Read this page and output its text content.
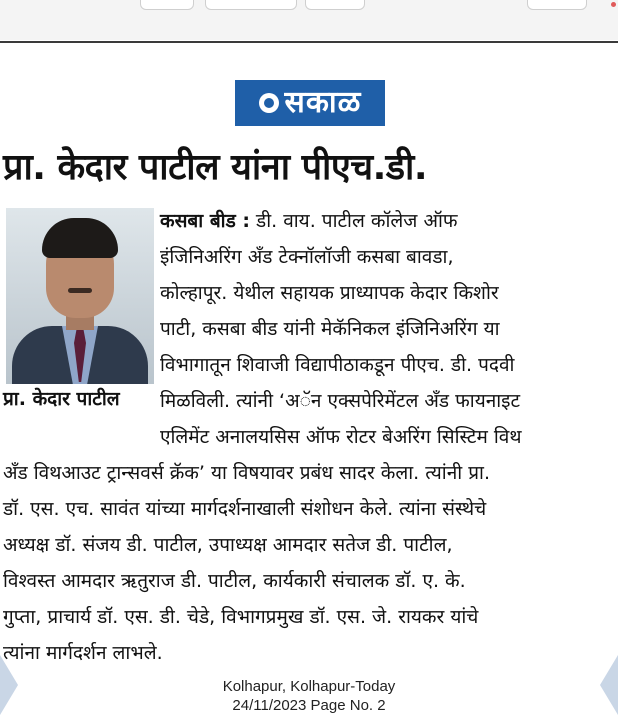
सकाळ
प्रा. केदार पाटील यांना पीएच.डी.
प्रा. केदार पाटील
कसबा बीड : डी. वाय. पाटील कॉलेज ऑफ
इंजिनिअरिंग अँड टेक्नॉलॉजी कसबा बावडा,
कोल्हापूर. येथील सहायक प्राध्यापक केदार किशोर
पाटी, कसबा बीड यांनी मेकॅनिकल इंजिनिअरिंग या
विभागातून शिवाजी विद्यापीठाकडून पीएच. डी. पदवी
मिळविली. त्यांनी ‘अॅन एक्सपेरिमेंटल अँड फायनाइट
एलिमेंट अनालयसिस ऑफ रोटर बेअरिंग सिस्टिम विथ
अँड विथआउट ट्रान्सवर्स क्रॅक’ या विषयावर प्रबंध सादर केला. त्यांनी प्रा.
डॉ. एस. एच. सावंत यांच्या मार्गदर्शनाखाली संशोधन केले. त्यांना संस्थेचे
अध्यक्ष डॉ. संजय डी. पाटील, उपाध्यक्ष आमदार सतेज डी. पाटील,
विश्वस्त आमदार ऋतुराज डी. पाटील, कार्यकारी संचालक डॉ. ए. के.
गुप्ता, प्राचार्य डॉ. एस. डी. चेडे, विभागप्रमुख डॉ. एस. जे. रायकर यांचे
त्यांना मार्गदर्शन लाभले.
Kolhapur, Kolhapur-Today
24/11/2023 Page No. 2
